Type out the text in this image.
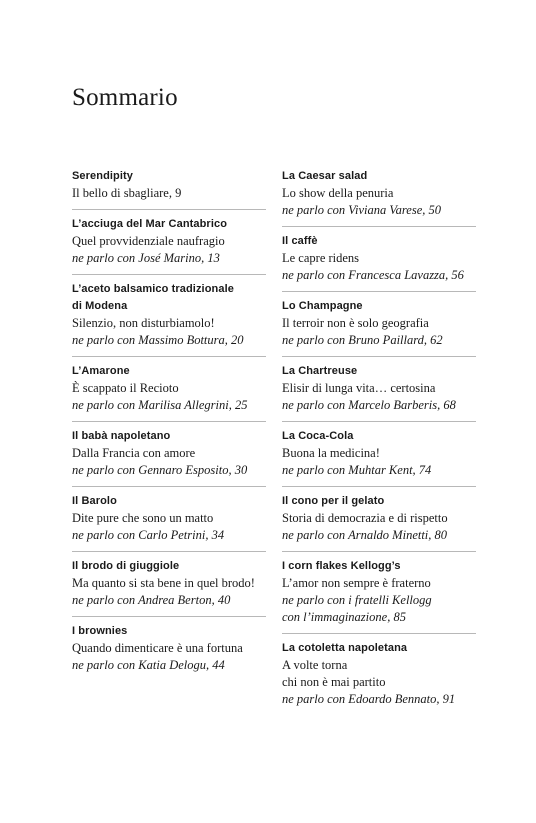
Sommario
Serendipity
Il bello di sbagliare, 9
L’acciuga del Mar Cantabrico
Quel provvidenziale naufragio
ne parlo con José Marino, 13
L’aceto balsamico tradizionale
di Modena
Silenzio, non disturbiamolo!
ne parlo con Massimo Bottura, 20
L’Amarone
È scappato il Recioto
ne parlo con Marilisa Allegrini, 25
Il babà napoletano
Dalla Francia con amore
ne parlo con Gennaro Esposito, 30
Il Barolo
Dite pure che sono un matto
ne parlo con Carlo Petrini, 34
Il brodo di giuggiole
Ma quanto si sta bene in quel brodo!
ne parlo con Andrea Berton, 40
I brownies
Quando dimenticare è una fortuna
ne parlo con Katia Delogu, 44
La Caesar salad
Lo show della penuria
ne parlo con Viviana Varese, 50
Il caffè
Le capre ridens
ne parlo con Francesca Lavazza, 56
Lo Champagne
Il terroir non è solo geografia
ne parlo con Bruno Paillard, 62
La Chartreuse
Elisir di lunga vita… certosina
ne parlo con Marcelo Barberis, 68
La Coca-Cola
Buona la medicina!
ne parlo con Muhtar Kent, 74
Il cono per il gelato
Storia di democrazia e di rispetto
ne parlo con Arnaldo Minetti, 80
I corn flakes Kellogg’s
L’amor non sempre è fraterno
ne parlo con i fratelli Kellogg
con l’immaginazione, 85
La cotoletta napoletana
A volte torna
chi non è mai partito
ne parlo con Edoardo Bennato, 91
